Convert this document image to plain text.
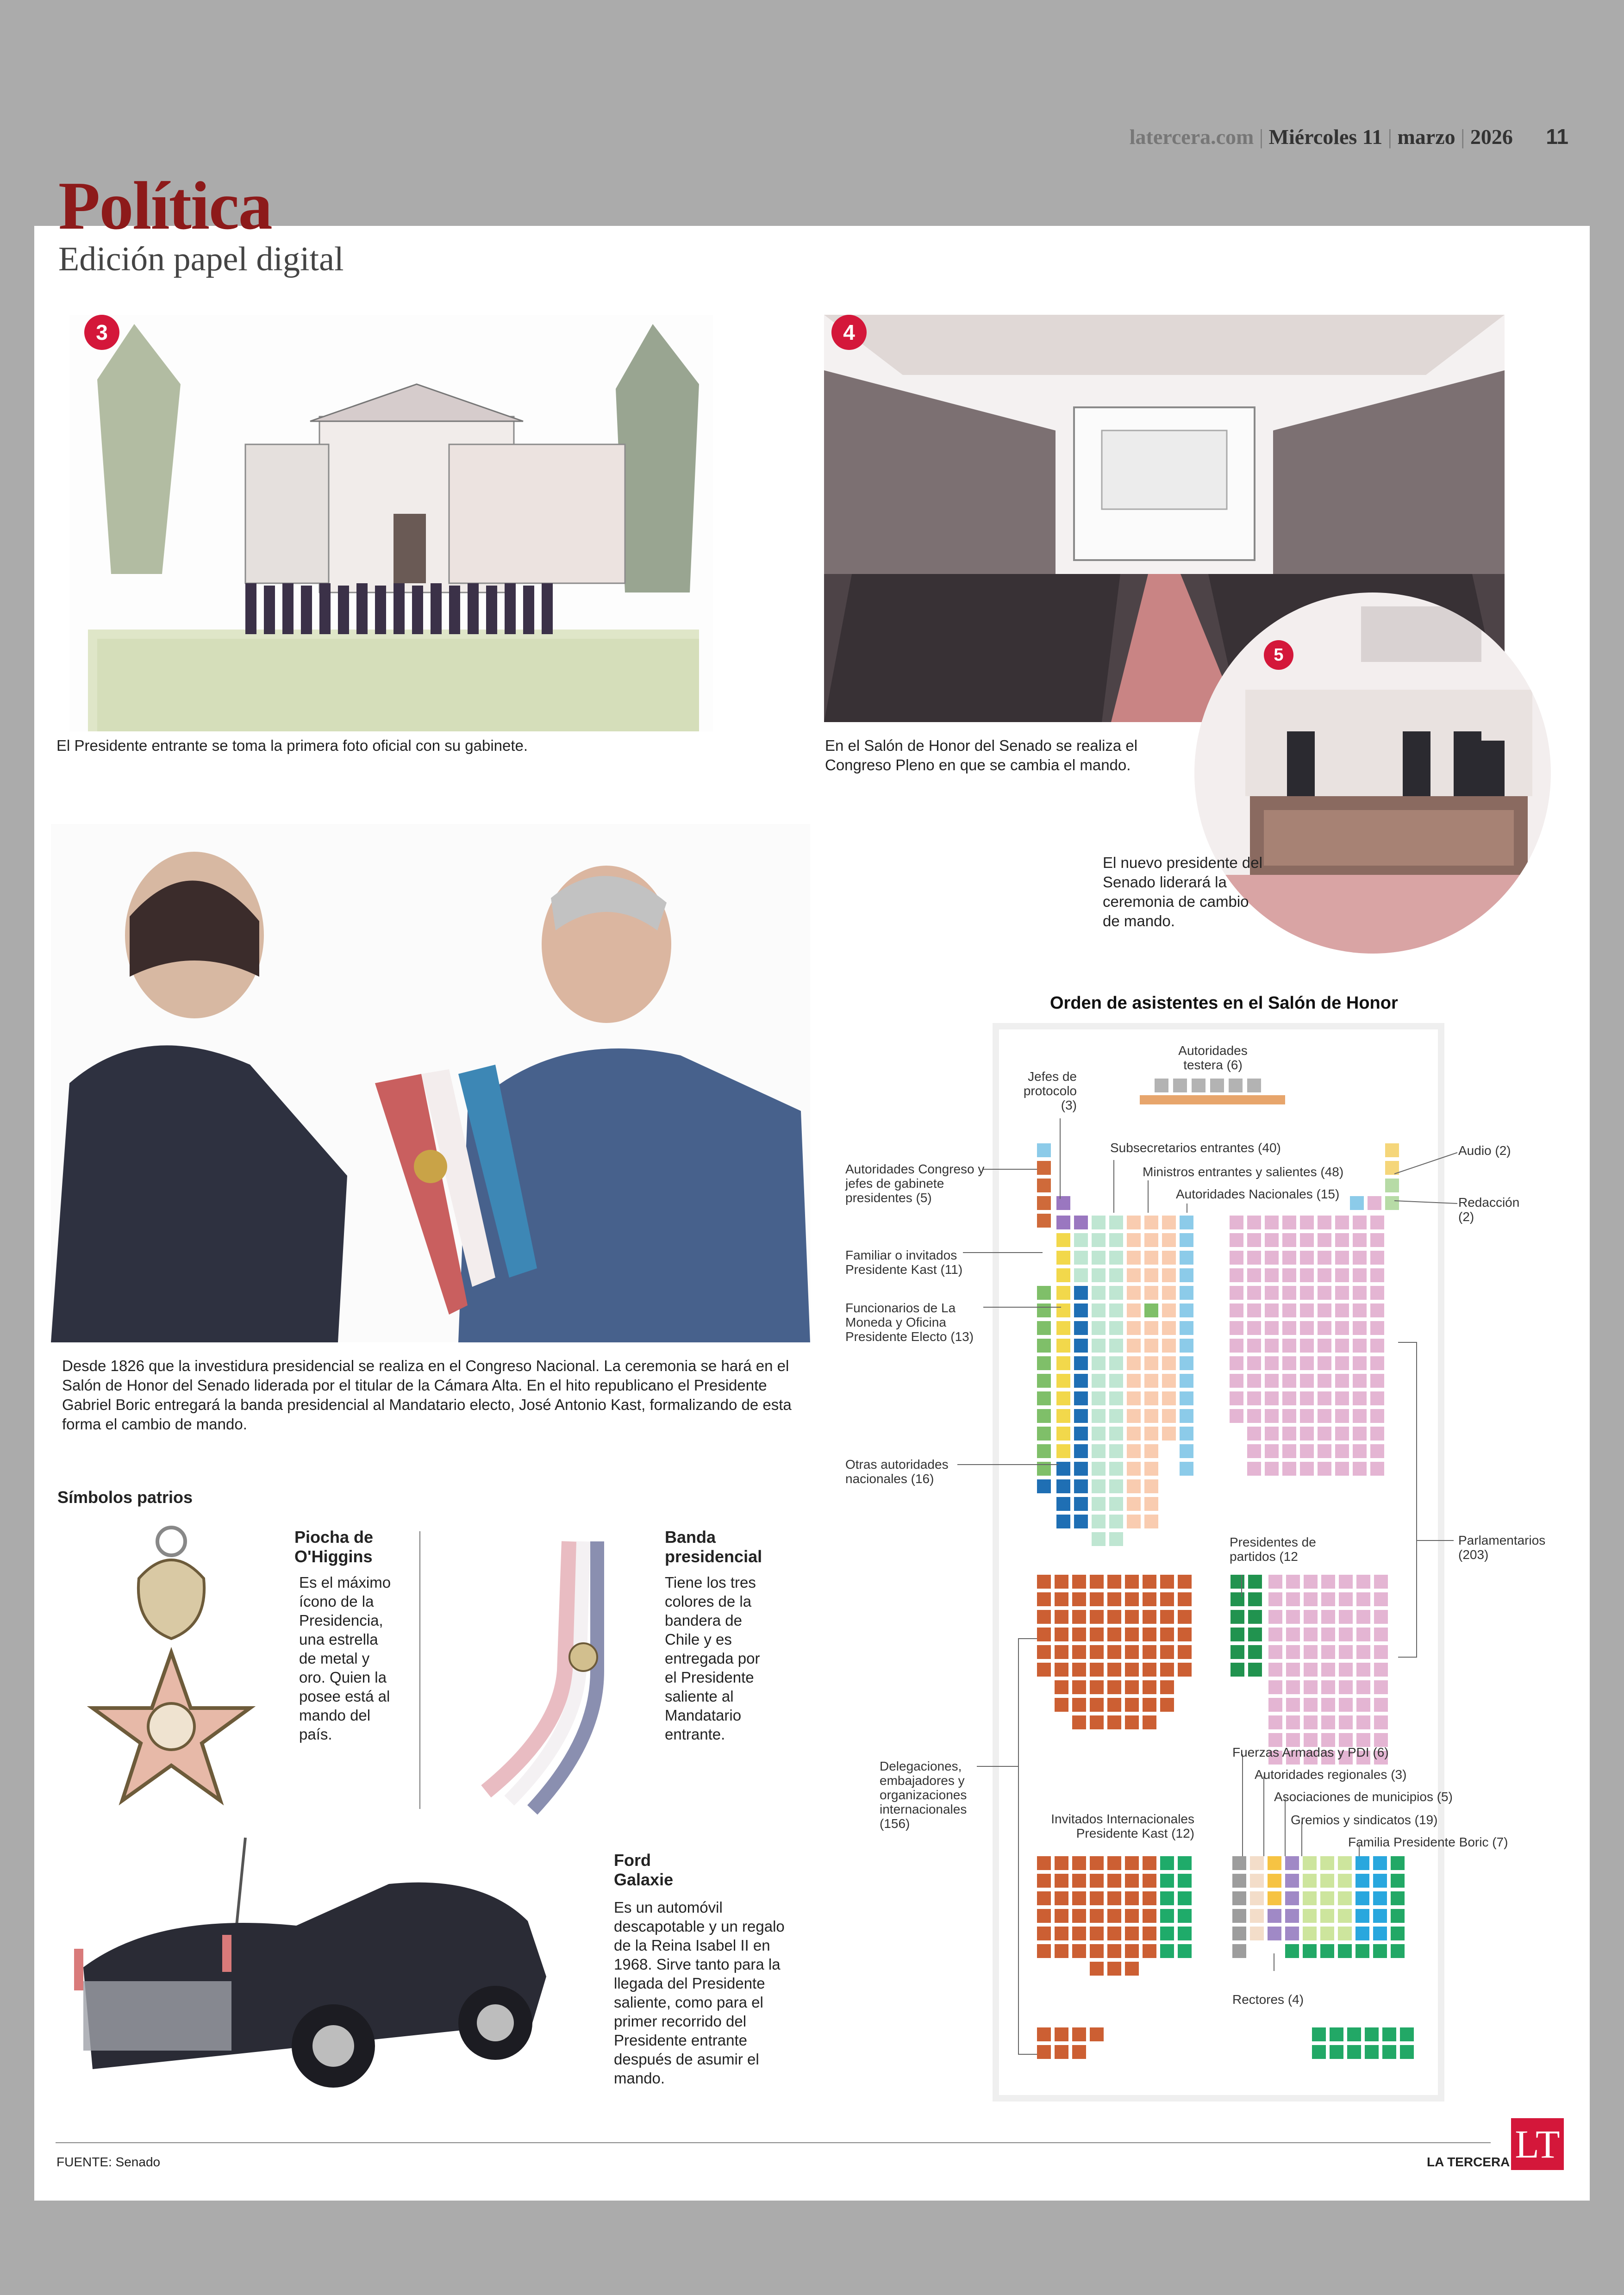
latercera.com | Miércoles 11 | marzo | 2026 11
Política
Edición papel digital
3
El Presidente entrante se toma la primera foto oficial con su gabinete.
4
En el Salón de Honor del Senado se realiza el Congreso Pleno en que se cambia el mando.
5
El nuevo presidente del Senado liderará la ceremonia de cambio de mando.
Desde 1826 que la investidura presidencial se realiza en el Congreso Nacional. La ceremonia se hará en el Salón de Honor del Senado liderada por el titular de la Cámara Alta. En el hito republicano el Presidente Gabriel Boric entregará la banda presidencial al Mandatario electo, José Antonio Kast, formalizando de esta forma el cambio de mando.
Símbolos patrios
Piocha de O'Higgins
Es el máximo ícono de la Presidencia, una estrella de metal y oro. Quien la posee está al mando del país.
Banda presidencial
Tiene los tres colores de la bandera de Chile y es entregada por el Presidente saliente al Mandatario entrante.
Ford Galaxie
Es un automóvil descapotable y un regalo de la Reina Isabel II en 1968. Sirve tanto para la llegada del Presidente saliente, como para el primer recorrido del Presidente entrante después de asumir el mando.
Orden de asistentes en el Salón de Honor
Autoridades testera (6)
Jefes de protocolo (3)
Autoridades Congreso y jefes de gabinete presidentes (5)
Subsecretarios entrantes (40)
Ministros entrantes y salientes (48)
Autoridades Nacionales (15)
Audio (2)
Redacción (2)
Familiar o invitados Presidente Kast (11)
Funcionarios de La Moneda y Oficina Presidente Electo (13)
Otras autoridades nacionales (16)
Presidentes de partidos (12
Parlamentarios (203)
Delegaciones, embajadores y organizaciones internacionales (156)	Invitados Internacionales Presidente Kast (12)
Fuerzas Armadas y PDI (6)
Autoridades regionales (3)
Asociaciones de municipios (5)
Gremios y sindicatos (19)
Familia Presidente Boric (7)
Rectores (4)
FUENTE: Senado	LA TERCERA LT
